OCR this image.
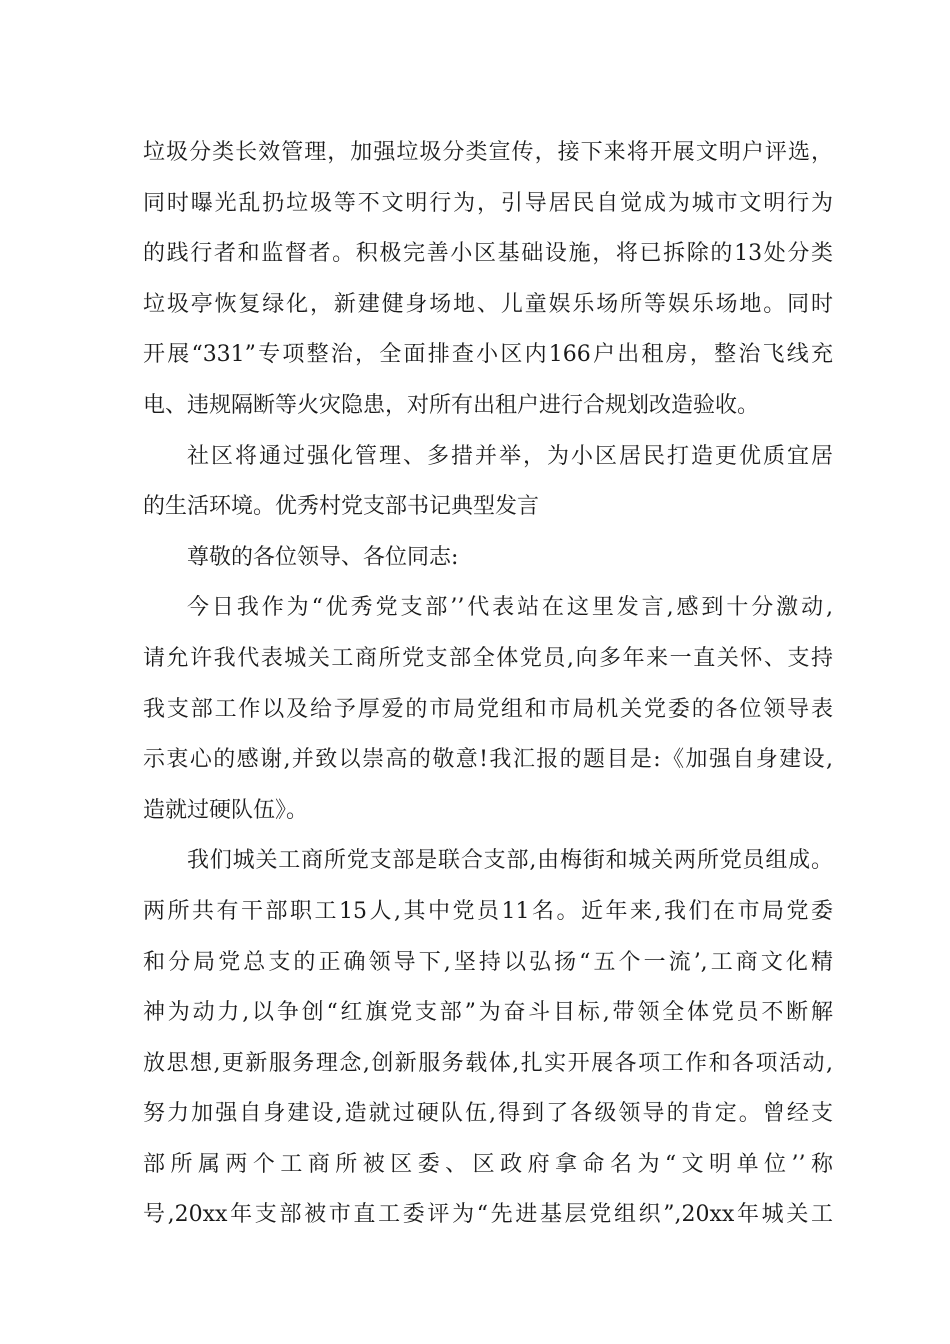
垃圾分类长效管理，加强垃圾分类宣传，接下来将开展文明户评选，
同时曝光乱扔垃圾等不文明行为，引导居民自觉成为城市文明行为
的践行者和监督者。积极完善小区基础设施，将已拆除的13处分类
垃圾亭恢复绿化，新建健身场地、儿童娱乐场所等娱乐场地。同时
开展“331”专项整治，全面排查小区内166户出租房，整治飞线充
电、违规隔断等火灾隐患，对所有出租户进行合规划改造验收。
社区将通过强化管理、多措并举，为小区居民打造更优质宜居
的生活环境。优秀村党支部书记典型发言
尊敬的各位领导、各位同志:
今日我作为“优秀党支部’’代表站在这里发言,感到十分激动,
请允许我代表城关工商所党支部全体党员,向多年来一直关怀、支持
我支部工作以及给予厚爱的市局党组和市局机关党委的各位领导表
示衷心的感谢,并致以崇高的敬意!我汇报的题目是:《加强自身建设,
造就过硬队伍》。
我们城关工商所党支部是联合支部,由梅街和城关两所党员组成。
两所共有干部职工15人,其中党员11名。近年来,我们在市局党委
和分局党总支的正确领导下,坚持以弘扬“五个一流’,工商文化精
神为动力,以争创“红旗党支部”为奋斗目标,带领全体党员不断解
放思想,更新服务理念,创新服务载体,扎实开展各项工作和各项活动,
努力加强自身建设,造就过硬队伍,得到了各级领导的肯定。曾经支
部所属两个工商所被区委、区政府拿命名为“文明单位’’称
号,20xx年支部被市直工委评为“先进基层党组织”,20xx年城关工
